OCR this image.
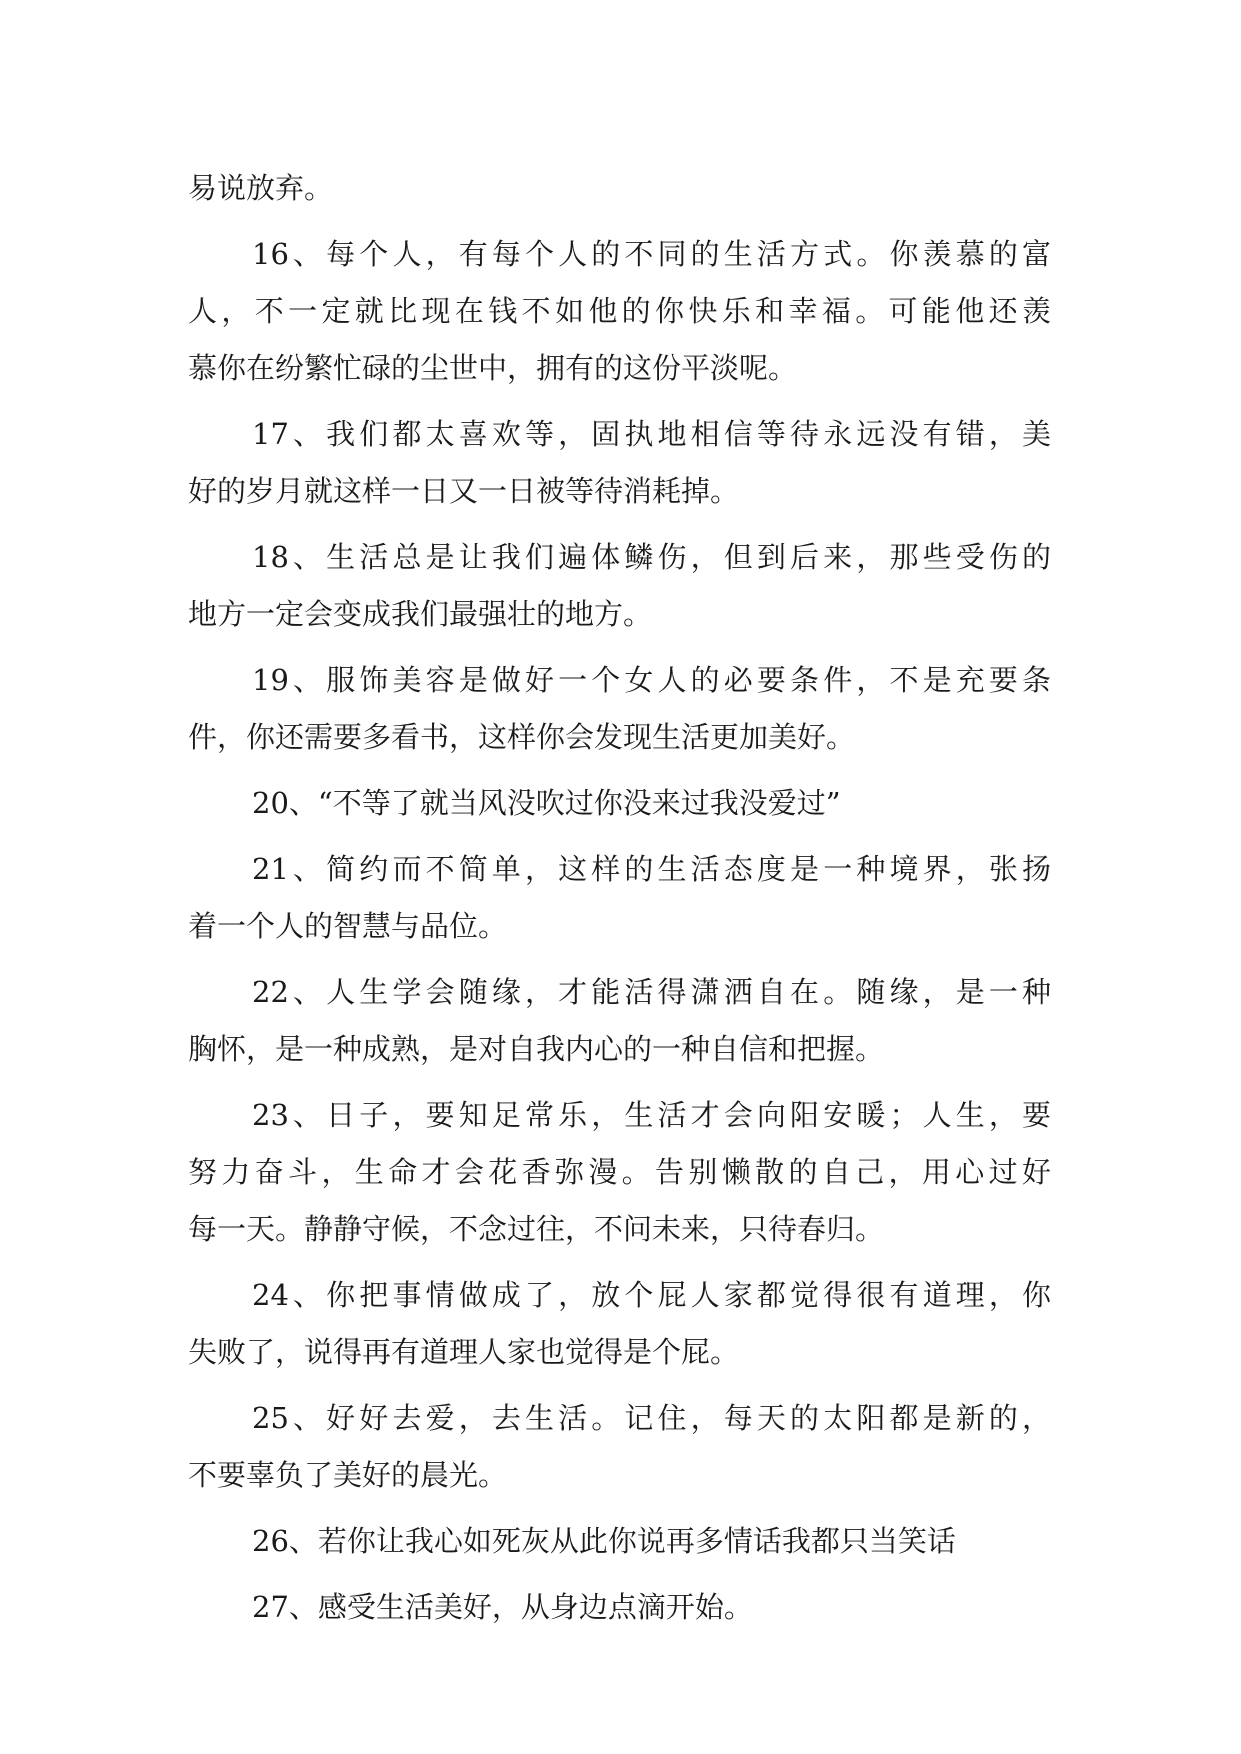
易说放弃。

16、每个人，有每个人的不同的生活方式。你羡慕的富
人，不一定就比现在钱不如他的你快乐和幸福。可能他还羡
慕你在纷繁忙碌的尘世中，拥有的这份平淡呢。

17、我们都太喜欢等，固执地相信等待永远没有错，美
好的岁月就这样一日又一日被等待消耗掉。

18、生活总是让我们遍体鳞伤，但到后来，那些受伤的
地方一定会变成我们最强壮的地方。

19、服饰美容是做好一个女人的必要条件，不是充要条
件，你还需要多看书，这样你会发现生活更加美好。

20、“不等了就当风没吹过你没来过我没爱过”

21、简约而不简单，这样的生活态度是一种境界，张扬
着一个人的智慧与品位。

22、人生学会随缘，才能活得潇洒自在。随缘，是一种
胸怀，是一种成熟，是对自我内心的一种自信和把握。

23、日子，要知足常乐，生活才会向阳安暖；人生，要
努力奋斗，生命才会花香弥漫。告别懒散的自己，用心过好
每一天。静静守候，不念过往，不问未来，只待春归。

24、你把事情做成了，放个屁人家都觉得很有道理，你
失败了，说得再有道理人家也觉得是个屁。

25、好好去爱，去生活。记住，每天的太阳都是新的，
不要辜负了美好的晨光。

26、若你让我心如死灰从此你说再多情话我都只当笑话

27、感受生活美好，从身边点滴开始。
